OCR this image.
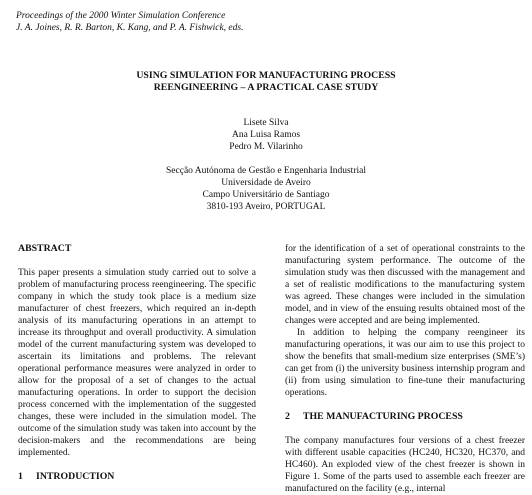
Proceedings of the 2000 Winter Simulation Conference
J. A. Joines, R. R. Barton, K. Kang, and P. A. Fishwick, eds.
USING SIMULATION FOR MANUFACTURING PROCESS
REENGINEERING – A PRACTICAL CASE STUDY
Lisete Silva
Ana Luisa Ramos
Pedro M. Vilarinho
Secção Autónoma de Gestão e Engenharia Industrial
Universidade de Aveiro
Campo Universitário de Santiago
3810-193 Aveiro, PORTUGAL

ABSTRACT

This paper presents a simulation study carried out to solve a problem of manufacturing process reengineering. The specific company in which the study took place is a medium size manufacturer of chest freezers, which required an in-depth analysis of its manufacturing operations in an attempt to increase its throughput and overall productivity. A simulation model of the current manufacturing system was developed to ascertain its limitations and problems. The relevant operational performance measures were analyzed in order to allow for the proposal of a set of changes to the actual manufacturing operations. In order to support the decision process concerned with the implementation of the suggested changes, these were included in the simulation model. The outcome of the simulation study was taken into account by the decision-makers and the recommendations are being implemented.

1 INTRODUCTION

for the identification of a set of operational constraints to the manufacturing system performance. The outcome of the simulation study was then discussed with the management and a set of realistic modifications to the manufacturing system was agreed. These changes were included in the simulation model, and in view of the ensuing results obtained most of the changes were accepted and are being implemented.

In addition to helping the company reengineer its manufacturing operations, it was our aim to use this project to show the benefits that small-medium size enterprises (SME’s) can get from (i) the university business internship program and (ii) from using simulation to fine-tune their manufacturing operations.

2 THE MANUFACTURING PROCESS

The company manufactures four versions of a chest freezer with different usable capacities (HC240, HC320, HC370, and HC460). An exploded view of the chest freezer is shown in Figure 1. Some of the parts used to assemble each freezer are manufactured on the facility (e.g., internal
